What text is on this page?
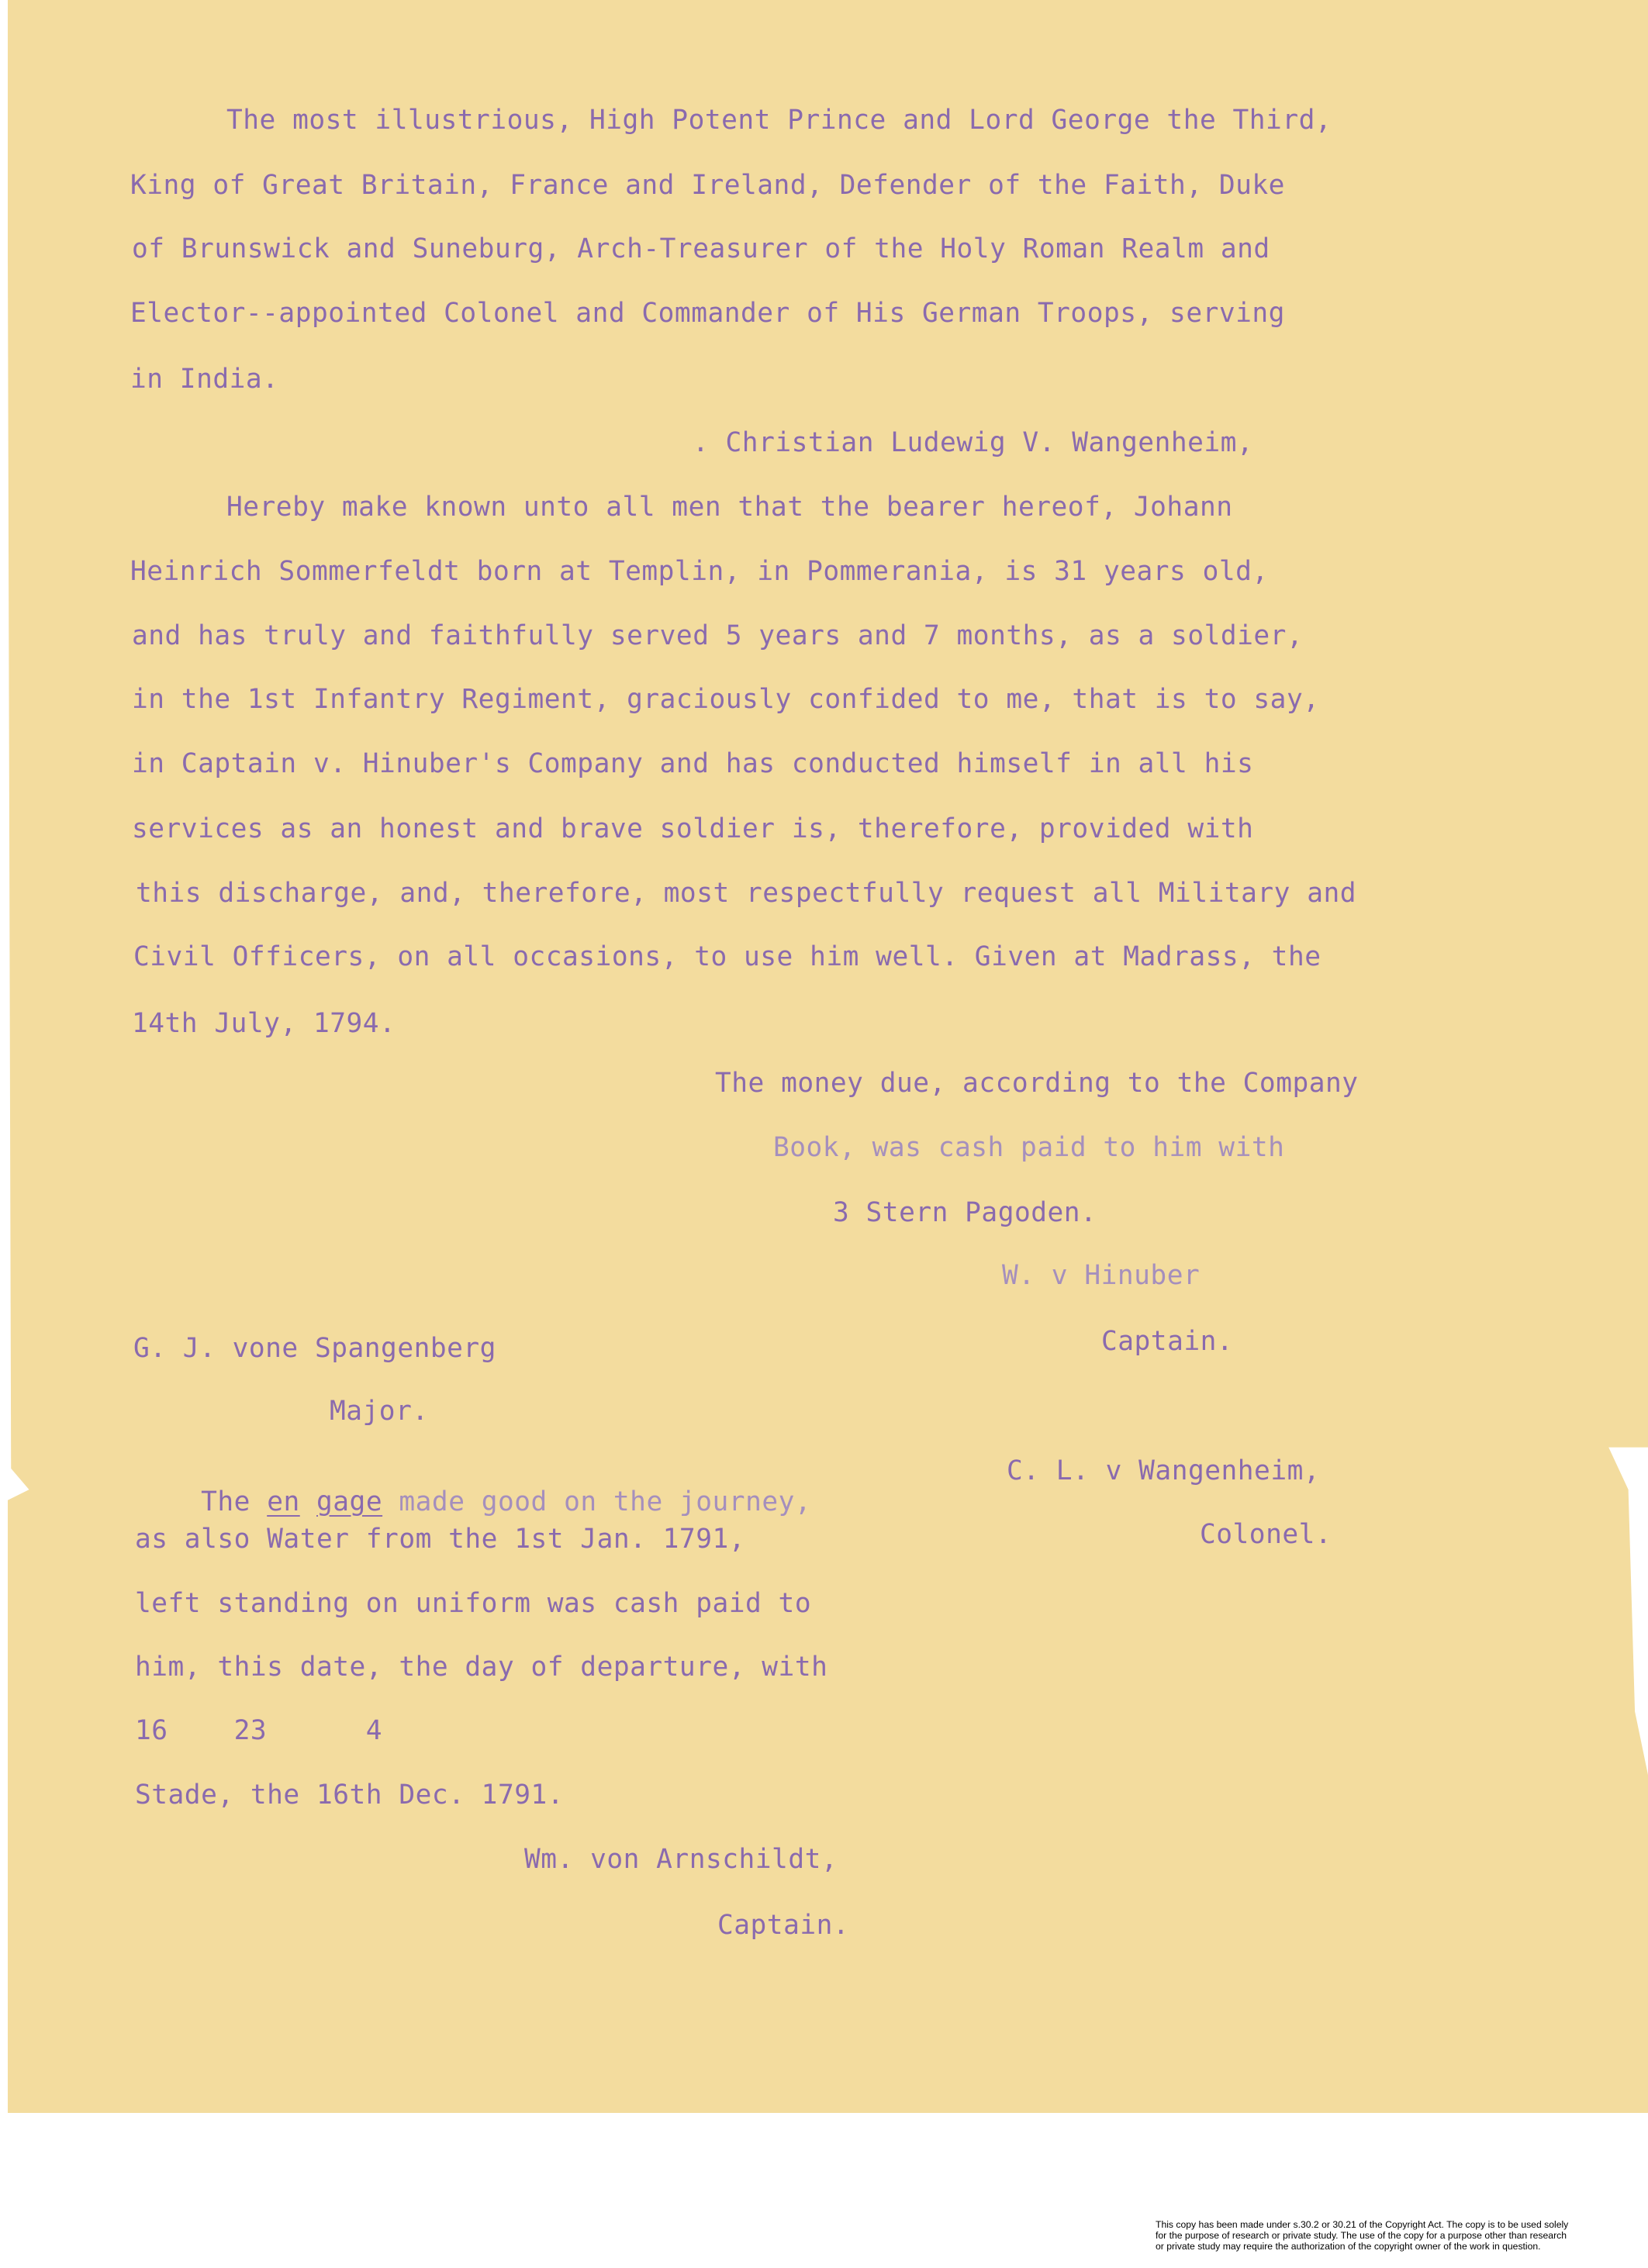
The most illustrious, High Potent Prince and Lord George the Third,
King of Great Britain, France and Ireland, Defender of the Faith, Duke
of Brunswick and Suneburg, Arch-Treasurer of the Holy Roman Realm and
Elector--appointed Colonel and Commander of His German Troops, serving
in India.
. Christian Ludewig V. Wangenheim,
Hereby make known unto all men that the bearer hereof, Johann
Heinrich Sommerfeldt born at Templin, in Pommerania, is 31 years old,
and has truly and faithfully served 5 years and 7 months, as a soldier,
in the 1st Infantry Regiment, graciously confided to me, that is to say,
in Captain v. Hinuber's Company and has conducted himself in all his
services as an honest and brave soldier is, therefore, provided with
this discharge, and, therefore, most respectfully request all Military and
Civil Officers, on all occasions, to use him well. Given at Madrass, the
14th July, 1794.
The money due, according to the Company
Book, was cash paid to him with
3 Stern Pagoden.
W. v Hinuber
Captain.
G. J. vone Spangenberg
Major.

The en gage made good on the journey,

C. L. v Wangenheim,
as also Water from the 1st Jan. 1791,	Colonel.
left standing on uniform was cash paid to
him, this date, the day of departure, with
16    23      4
Stade, the 16th Dec. 1791.
Wm. von Arnschildt,
Captain.
This copy has been made under s.30.2 or 30.21 of the Copyright Act. The copy is to be used solely
for the purpose of research or private study. The use of the copy for a purpose other than research
or private study may require the authorization of the copyright owner of the work in question.
